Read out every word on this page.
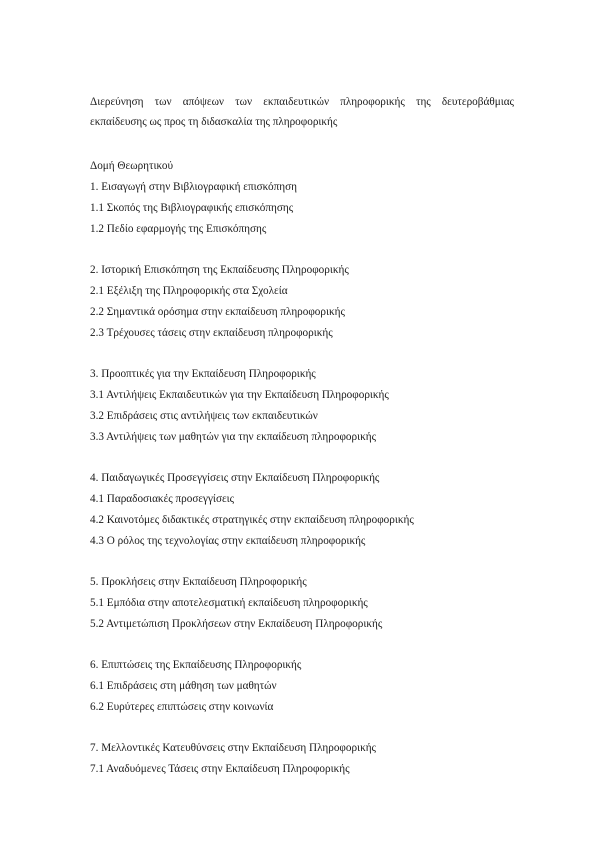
Διερεύνηση των απόψεων των εκπαιδευτικών πληροφορικής της δευτεροβάθμιας εκπαίδευσης ως προς τη διδασκαλία της πληροφορικής

Δομή Θεωρητικού
1. Εισαγωγή στην Βιβλιογραφική επισκόπηση
1.1 Σκοπός της Βιβλιογραφικής επισκόπησης
1.2 Πεδίο εφαρμογής της Επισκόπησης
2. Ιστορική Επισκόπηση της Εκπαίδευσης Πληροφορικής
2.1 Εξέλιξη της Πληροφορικής στα Σχολεία
2.2 Σημαντικά ορόσημα στην εκπαίδευση πληροφορικής
2.3 Τρέχουσες τάσεις στην εκπαίδευση πληροφορικής
3. Προοπτικές για την Εκπαίδευση Πληροφορικής
3.1 Αντιλήψεις Εκπαιδευτικών για την Εκπαίδευση Πληροφορικής
3.2 Επιδράσεις στις αντιλήψεις των εκπαιδευτικών
3.3 Αντιλήψεις των μαθητών για την εκπαίδευση πληροφορικής
4. Παιδαγωγικές Προσεγγίσεις στην Εκπαίδευση Πληροφορικής
4.1 Παραδοσιακές προσεγγίσεις
4.2 Καινοτόμες διδακτικές στρατηγικές στην εκπαίδευση πληροφορικής
4.3 Ο ρόλος της τεχνολογίας στην εκπαίδευση πληροφορικής
5. Προκλήσεις στην Εκπαίδευση Πληροφορικής
5.1 Εμπόδια στην αποτελεσματική εκπαίδευση πληροφορικής
5.2 Αντιμετώπιση Προκλήσεων στην Εκπαίδευση Πληροφορικής
6. Επιπτώσεις της Εκπαίδευσης Πληροφορικής
6.1 Επιδράσεις στη μάθηση των μαθητών
6.2 Ευρύτερες επιπτώσεις στην κοινωνία
7. Μελλοντικές Κατευθύνσεις στην Εκπαίδευση Πληροφορικής
7.1 Αναδυόμενες Τάσεις στην Εκπαίδευση Πληροφορικής
